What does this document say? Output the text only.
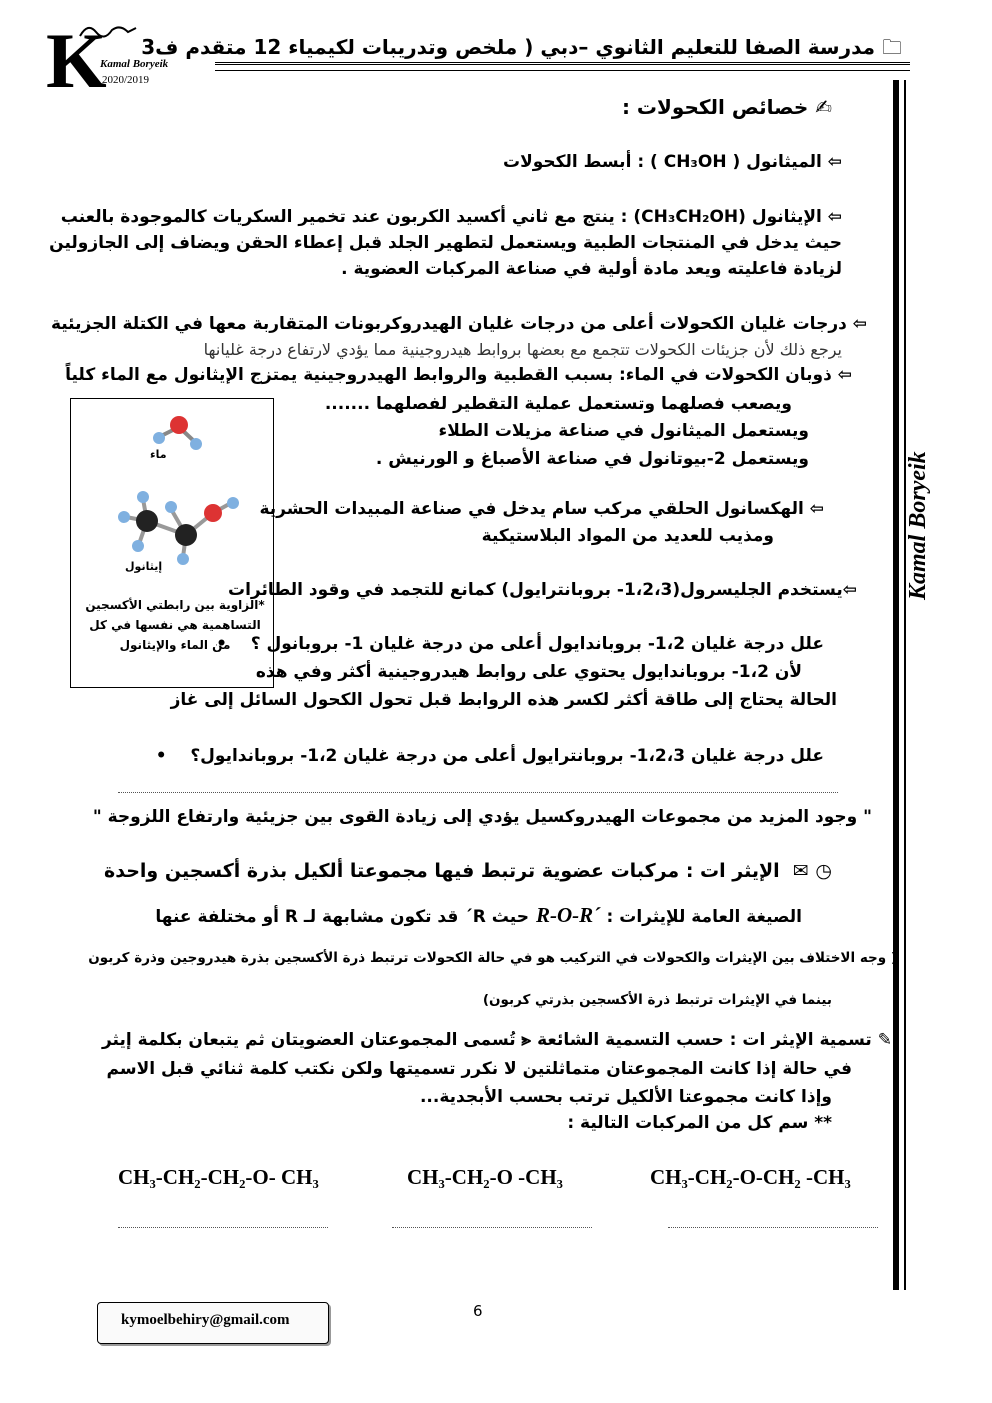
K
Kamal Boryeik
2020/2019
🗀 مدرسة الصفا للتعليم الثانوي –دبي ( ملخص وتدريبات لكيمياء 12 متقدم ف3
Kamal Boryeik
✍ خصائص الكحولات :
⇦ الميثانول ( CH₃OH ) : أبسط الكحولات
⇦ الإيثانول (CH₃CH₂OH) : ينتج مع ثاني أكسيد الكربون عند تخمير السكريات كالموجودة بالعنب
حيث يدخل في المنتجات الطبية ويستعمل لتطهير الجلد قبل إعطاء الحقن ويضاف إلى الجازولين
لزيادة فاعليته ويعد مادة أولية في صناعة المركبات العضوية .
⇦ درجات غليان الكحولات أعلى من درجات غليان الهيدروكربونات المتقاربة معها في الكتلة الجزيئية
يرجع ذلك لأن جزيئات الكحولات تتجمع مع بعضها بروابط هيدروجينية مما يؤدي لارتفاع درجة غليانها
⇦ ذوبان الكحولات في الماء: بسبب القطبية والروابط الهيدروجينية يمتزج الإيثانول مع الماء كلياً
ويصعب فصلهما وتستعمل عملية التقطير لفصلهما .......
ويستعمل الميثانول في صناعة مزيلات الطلاء
ويستعمل 2-بيوتانول في صناعة الأصباغ و الورنيش .
ماء
إيثانول
*الزاوية بين رابطتي الأكسجين التساهمية هي نفسها في كل من الماء والإيثانول
⇦ الهكسانول الحلقي مركب سام يدخل في صناعة المبيدات الحشرية
ومذيب للعديد من المواد البلاستيكية
⇦يستخدم الجليسرول(1،2،3- بروبانترايول) كمانع للتجمد في وقود الطائرات
علل درجة غليان 1،2- بروباندايول أعلى من درجة غليان 1- بروبانول ؟    •
لأن 1،2- بروباندايول يحتوي على روابط هيدروجينية أكثر وفي هذه
الحالة يحتاج إلى طاقة أكثر لكسر هذه الروابط قبل تحول الكحول السائل إلى غاز
علل درجة غليان 1،2،3- بروبانترايول أعلى من درجة غليان 1،2- بروباندايول؟    •
" وجود المزيد من مجموعات الهيدروكسيل يؤدي إلى زيادة القوى بين جزيئية وارتفاع اللزوجة "
◷ ✉  الإيثر ات : مركبات عضوية ترتبط فيها مجموعتا ألكيل بذرة أكسجين واحدة
الصيغة العامة للإيثرات :
R-O-R´
حيث R´ قد تكون مشابهة لـ R أو مختلفة عنها
( وجه الاختلاف بين الإيثرات والكحولات في التركيب هو في حالة الكحولات ترتبط ذرة الأكسجين بذرة هيدروجين وذرة كربون
بينما في الإيثرات ترتبط ذرة الأكسجين بذرتي كربون)
✎ تسمية الإيثر ات : حسب التسمية الشائعة ⪡ تُسمى المجموعتان العضويتان ثم يتبعان بكلمة إيثر
في حالة إذا كانت المجموعتان متماثلتين لا نكرر تسميتها ولكن نكتب كلمة ثنائي قبل الاسم
وإذا كانت مجموعتا الألكيل ترتب بحسب الأبجدية...
** سم كل من المركبات التالية :
CH₃-CH₂-O-CH₂ -CH₃
CH₃-CH₂-O -CH₃
CH₃-CH₂-CH₂-O- CH₃
kymoelbehiry@gmail.com	6
